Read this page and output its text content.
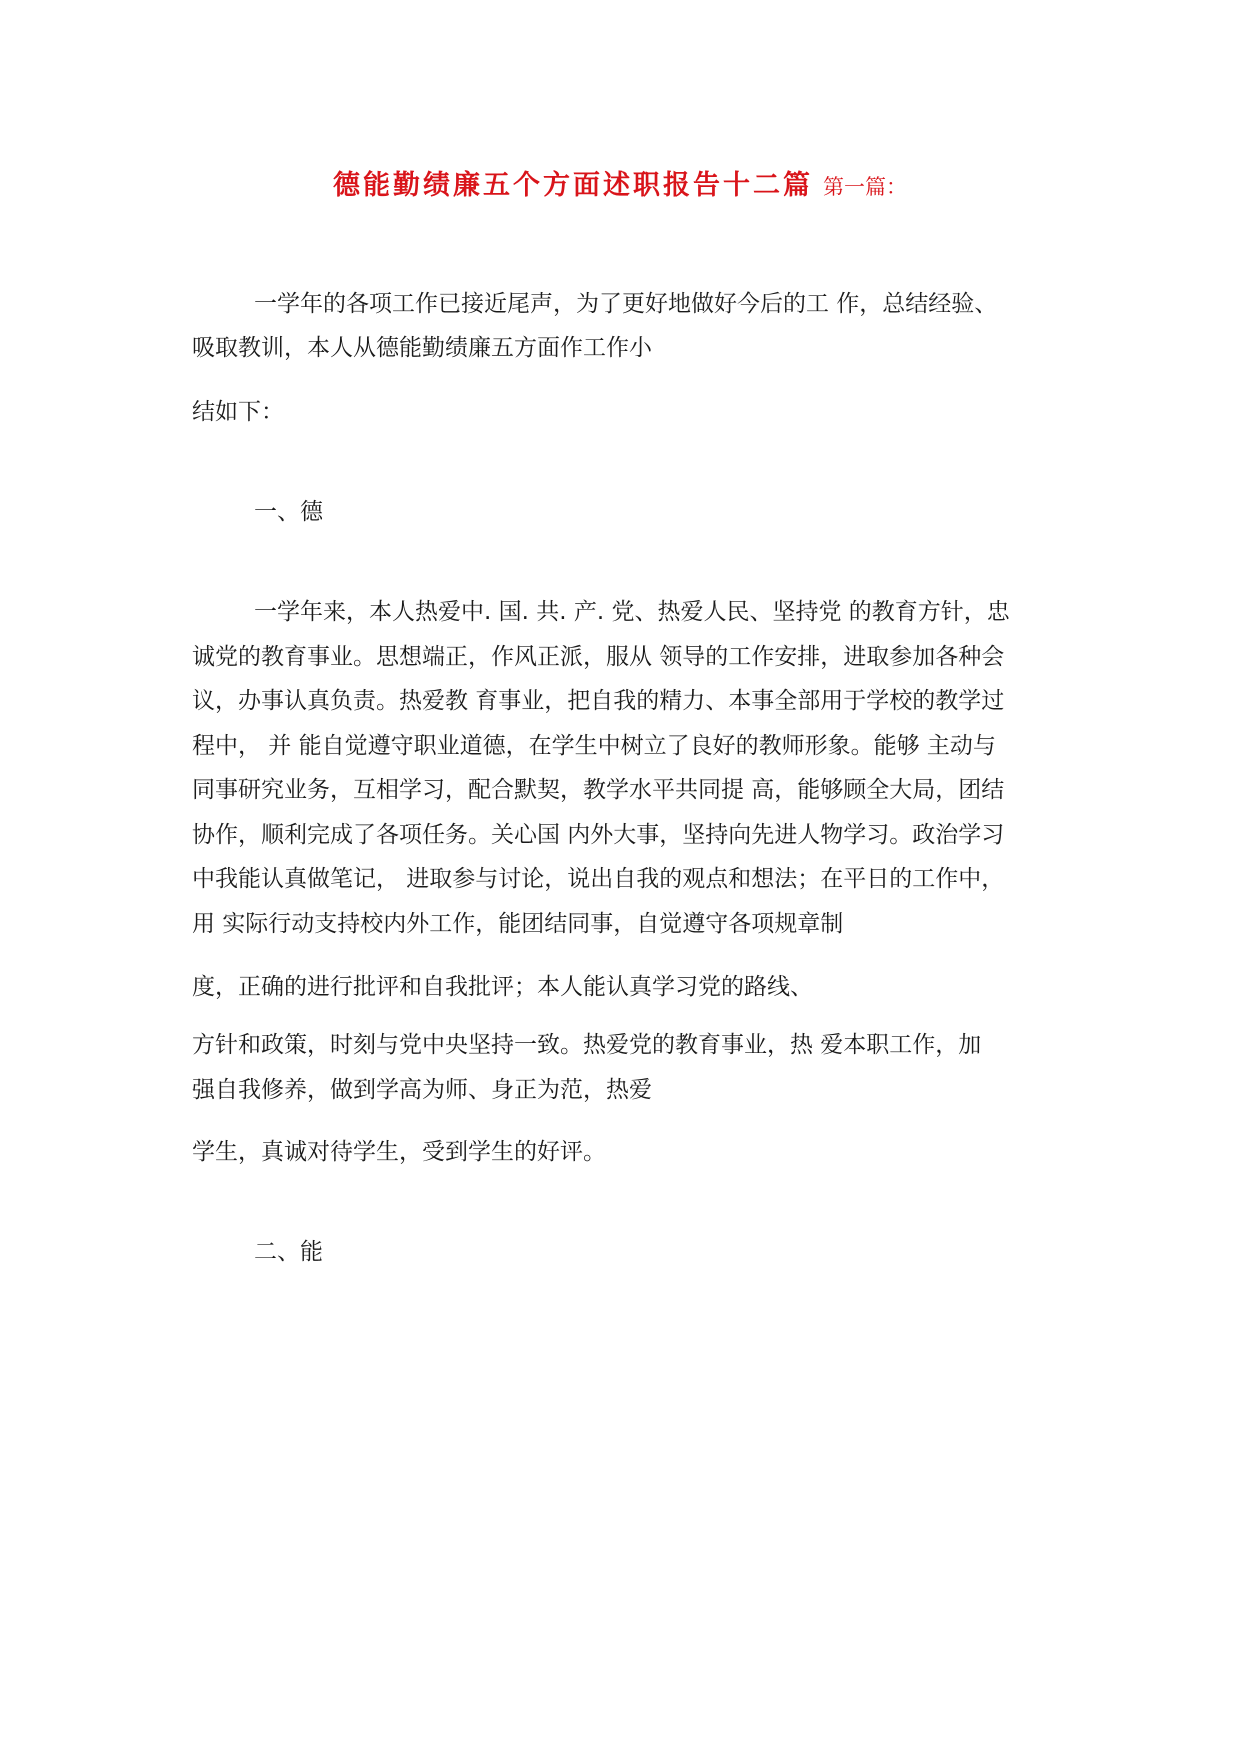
德能勤绩廉五个方面述职报告十二篇 第一篇：
一学年的各项工作已接近尾声，为了更好地做好今后的工 作，总结经验、
吸取教训，本人从德能勤绩廉五方面作工作小
结如下：
一、德
一学年来，本人热爱中. 国. 共. 产. 党、热爱人民、坚持党 的教育方针，忠
诚党的教育事业。思想端正，作风正派，服从 领导的工作安排，进取参加各种会
议，办事认真负责。热爱教 育事业，把自我的精力、本事全部用于学校的教学过
程中， 并 能自觉遵守职业道德，在学生中树立了良好的教师形象。能够 主动与
同事研究业务，互相学习，配合默契，教学水平共同提 高，能够顾全大局，团结
协作，顺利完成了各项任务。关心国 内外大事，坚持向先进人物学习。政治学习
中我能认真做笔记， 进取参与讨论，说出自我的观点和想法；在平日的工作中，
用 实际行动支持校内外工作，能团结同事，自觉遵守各项规章制
度，正确的进行批评和自我批评；本人能认真学习党的路线、
方针和政策，时刻与党中央坚持一致。热爱党的教育事业，热 爱本职工作，加
强自我修养，做到学高为师、身正为范，热爱
学生，真诚对待学生，受到学生的好评。
二、能
